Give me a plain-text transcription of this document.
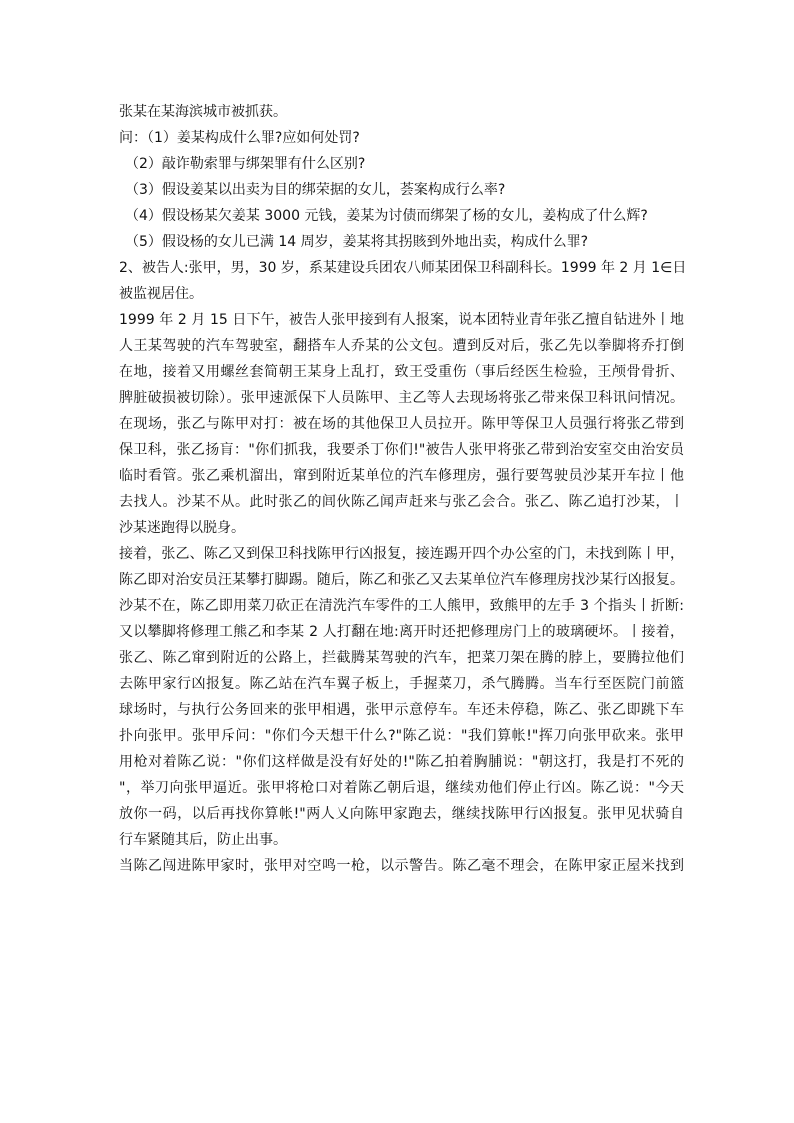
张某在某海滨城市被抓获。
问：（1）姜某构成什么罪?应如何处罚?
（2）敲诈勒索罪与绑架罪有什么区别?
（3）假设姜某以出卖为目的绑荣据的女儿，荟案构成行么率?
（4）假设杨某欠姜某 3000 元钱，姜某为讨债而绑架了杨的女儿，姜构成了什么辉?
（5）假设杨的女儿已满 14 周岁，姜某将其拐賅到外地出卖，构成什么罪?
2、被告人:张甲，男，30 岁，系某建设兵团农八师某团保卫科副科长。1999 年 2 月 1∈日
被监视居住。
1999 年 2 月 15 日下午，被告人张甲接到有人报案，说本团特业青年张乙擅自钻进外丨地
人王某驾驶的汽车驾驶室，翻搭车人乔某的公文包。遭到反对后，张乙先以拳脚将乔打倒
在地，接着又用螺丝套简朝王某身上乱打，致王受重伤（事后经医生检验，王颅骨骨折、
脾脏破损被切除）。张甲速派保下人员陈甲、主乙等人去现场将张乙带来保卫科讯问情况。
在现场，张乙与陈甲对打：被在场的其他保卫人员拉开。陈甲等保卫人员强行将张乙带到
保卫科，张乙扬肓："你们抓我，我要杀丁你们!"被告人张甲将张乙带到治安室交由治安员
临时看管。张乙乘机溜出，窜到附近某单位的汽车修理房，强行要驾驶员沙某开车拉丨他
去找人。沙某不从。此时张乙的闾伙陈乙闻声赶来与张乙会合。张乙、陈乙追打沙某，丨
沙某迷跑得以脱身。
接着，张乙、陈乙又到保卫科找陈甲行凶报复，接连踢开四个办公室的门，未找到陈丨甲，
陈乙即对治安员汪某攀打脚踢。随后，陈乙和张乙又去某单位汽车修理房找沙某行凶报复。
沙某不在，陈乙即用菜刀砍正在清洗汽车零件的工人熊甲，致熊甲的左手 3 个指头丨折断:
又以攀脚将修理工熊乙和李某 2 人打翻在地:离开时还把修理房门上的玻璃硬坏。丨接着，
张乙、陈乙窜到附近的公路上，拦截腾某驾驶的汽车，把菜刀架在腾的脖上，要腾拉他们
去陈甲家行凶报复。陈乙站在汽车翼子板上，手握菜刀，杀气腾腾。当车行至医院门前篮
球场时，与执行公务回来的张甲相遇，张甲示意停车。车还未停稳，陈乙、张乙即跳下车
扑向张甲。张甲斥问："你们今天想干什么?"陈乙说："我们算帐!"挥刀向张甲砍来。张甲
用枪对着陈乙说："你们这样做是没有好处的!"陈乙拍着胸脯说："朝这打，我是打不死的
"，举刀向张甲逼近。张甲将枪口对着陈乙朝后退，继续劝他们停止行凶。陈乙说："今天
放你一码，以后再找你算帐!"两人乂向陈甲家跑去，继续找陈甲行凶报复。张甲见状骑自
行车紧随其后，防止出事。
当陈乙闯进陈甲家时，张甲对空鸣一枪，以示警告。陈乙毫不理会，在陈甲家正屋米找到
